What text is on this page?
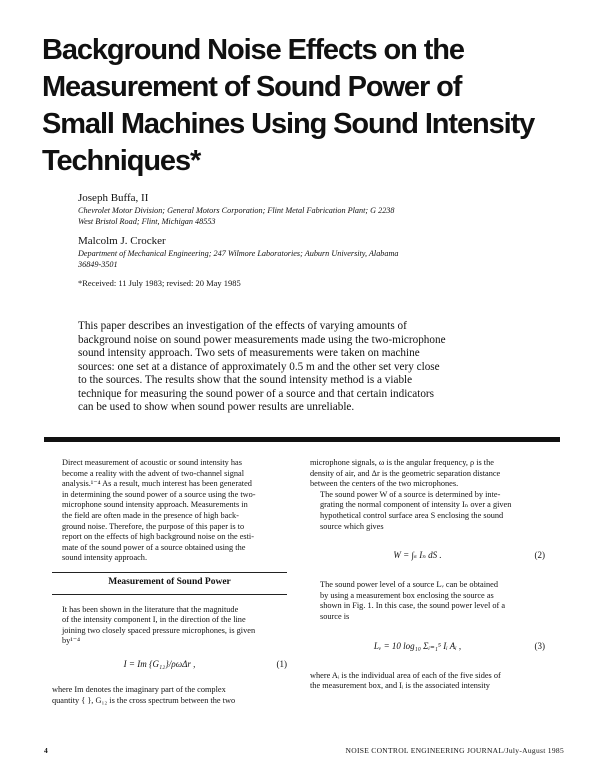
Background Noise Effects on the
Measurement of Sound Power of
Small Machines Using Sound Intensity
Techniques*
Joseph Buffa, II
Chevrolet Motor Division; General Motors Corporation; Flint Metal Fabrication Plant; G 2238
West Bristol Road; Flint, Michigan 48553
Malcolm J. Crocker
Department of Mechanical Engineering; 247 Wilmore Laboratories; Auburn University, Alabama
36849-3501
*Received: 11 July 1983; revised: 20 May 1985
This paper describes an investigation of the effects of varying amounts of
background noise on sound power measurements made using the two-microphone
sound intensity approach. Two sets of measurements were taken on machine
sources: one set at a distance of approximately 0.5 m and the other set very close
to the sources. The results show that the sound intensity method is a viable
technique for measuring the sound power of a source and that certain indicators
can be used to show when sound power results are unreliable.
Direct measurement of acoustic or sound intensity has
become a reality with the advent of two-channel signal
analysis.¹⁻⁴ As a result, much interest has been generated
in determining the sound power of a source using the two-
microphone sound intensity approach. Measurements in
the field are often made in the presence of high back-
ground noise. Therefore, the purpose of this paper is to
report on the effects of high background noise on the esti-
mate of the sound power of a source obtained using the
sound intensity approach.
Measurement of Sound Power
It has been shown in the literature that the magnitude
of the intensity component I, in the direction of the line
joining two closely spaced pressure microphones, is given
by¹⁻⁴
I = Im {G₁₂}/ρωΔr ,	(1)
where Im denotes the imaginary part of the complex
quantity { }, G₁₂ is the cross spectrum between the two
microphone signals, ω is the angular frequency, ρ is the
density of air, and Δr is the geometric separation distance
between the centers of the two microphones.
The sound power W of a source is determined by inte-
grating the normal component of intensity Iₙ over a given
hypothetical control surface area S enclosing the sound
source which gives
W = ∫ₛ Iₙ dS .	(2)
The sound power level of a source Lᵥ can be obtained
by using a measurement box enclosing the source as
shown in Fig. 1. In this case, the sound power level of a
source is
Lᵥ = 10 log₁₀ Σᵢ₌₁⁵ Iᵢ Aᵢ ,	(3)
where Aᵢ is the individual area of each of the five sides of
the measurement box, and Iᵢ is the associated intensity
4	NOISE CONTROL ENGINEERING JOURNAL/July-August 1985
